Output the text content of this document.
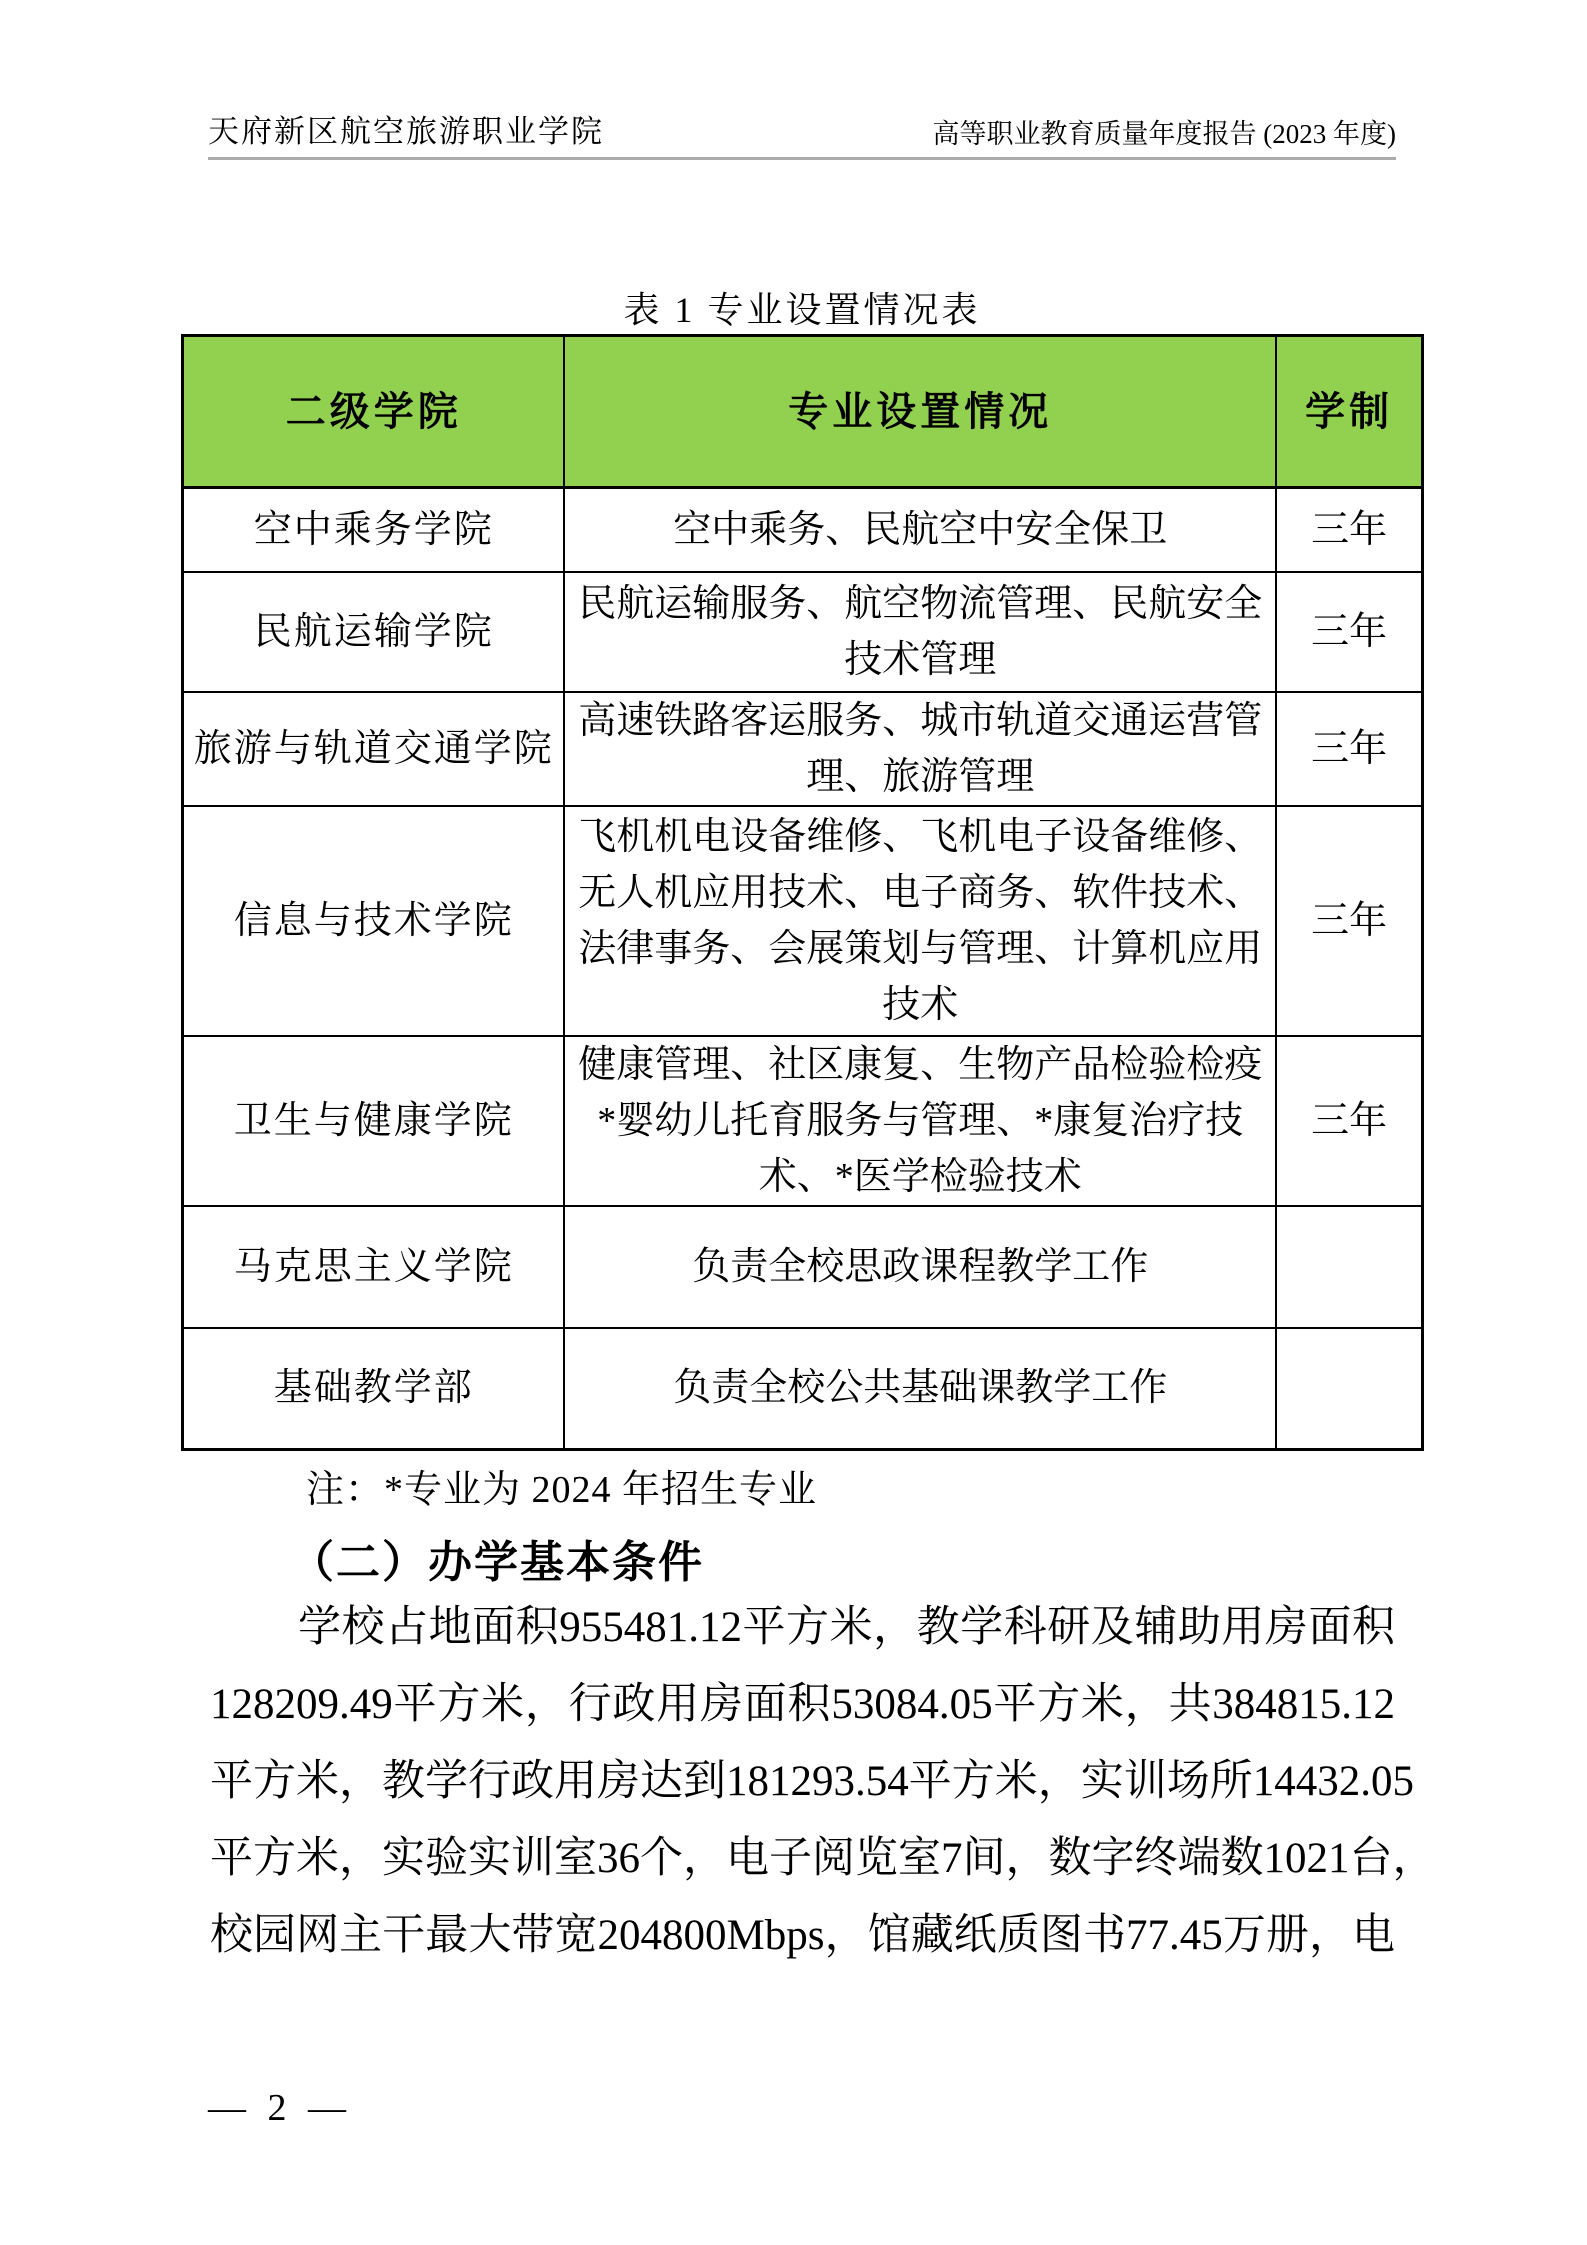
天府新区航空旅游职业学院	高等职业教育质量年度报告 (2023 年度)
表 1 专业设置情况表
二级学院	专业设置情况	学制
空中乘务学院	空中乘务、民航空中安全保卫	三年
民航运输学院	民航运输服务、航空物流管理、民航安全技术管理	三年
旅游与轨道交通学院	高速铁路客运服务、城市轨道交通运营管理、旅游管理	三年
信息与技术学院	飞机机电设备维修、飞机电子设备维修、无人机应用技术、电子商务、软件技术、法律事务、会展策划与管理、计算机应用技术	三年
卫生与健康学院	健康管理、社区康复、生物产品检验检疫*婴幼儿托育服务与管理、*康复治疗技术、*医学检验技术	三年
马克思主义学院	负责全校思政课程教学工作	
基础教学部	负责全校公共基础课教学工作	
注：*专业为 2024 年招生专业
（二）办学基本条件
学校占地面积955481.12平方米，教学科研及辅助用房面积
128209.49平方米，行政用房面积53084.05平方米，共384815.12
平方米，教学行政用房达到181293.54平方米，实训场所14432.05
平方米，实验实训室36个，电子阅览室7间，数字终端数1021台，
校园网主干最大带宽204800Mbps，馆藏纸质图书77.45万册，电
— 2 —
